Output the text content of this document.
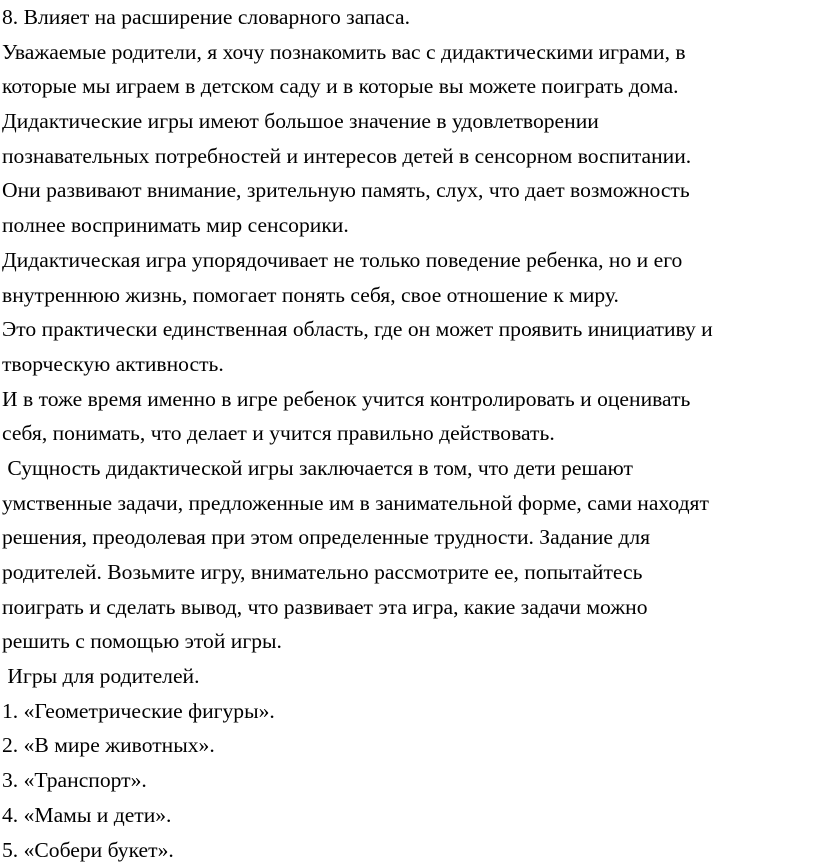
8. Влияет на расширение словарного запаса.
Уважаемые родители, я хочу познакомить вас с дидактическими играми, в
которые мы играем в детском саду и в которые вы можете поиграть дома.
Дидактические игры имеют большое значение в удовлетворении
познавательных потребностей и интересов детей в сенсорном воспитании.
Они развивают внимание, зрительную память, слух, что дает возможность
полнее воспринимать мир сенсорики.
Дидактическая игра упорядочивает не только поведение ребенка, но и его
внутреннюю жизнь, помогает понять себя, свое отношение к миру.
Это практически единственная область, где он может проявить инициативу и
творческую активность.
И в тоже время именно в игре ребенок учится контролировать и оценивать
себя, понимать, что делает и учится правильно действовать.
Сущность дидактической игры заключается в том, что дети решают
умственные задачи, предложенные им в занимательной форме, сами находят
решения, преодолевая при этом определенные трудности. Задание для
родителей. Возьмите игру, внимательно рассмотрите ее, попытайтесь
поиграть и сделать вывод, что развивает эта игра, какие задачи можно
решить с помощью этой игры.
Игры для родителей.
1. «Геометрические фигуры».
2. «В мире животных».
3. «Транспорт».
4. «Мамы и дети».
5. «Собери букет».
